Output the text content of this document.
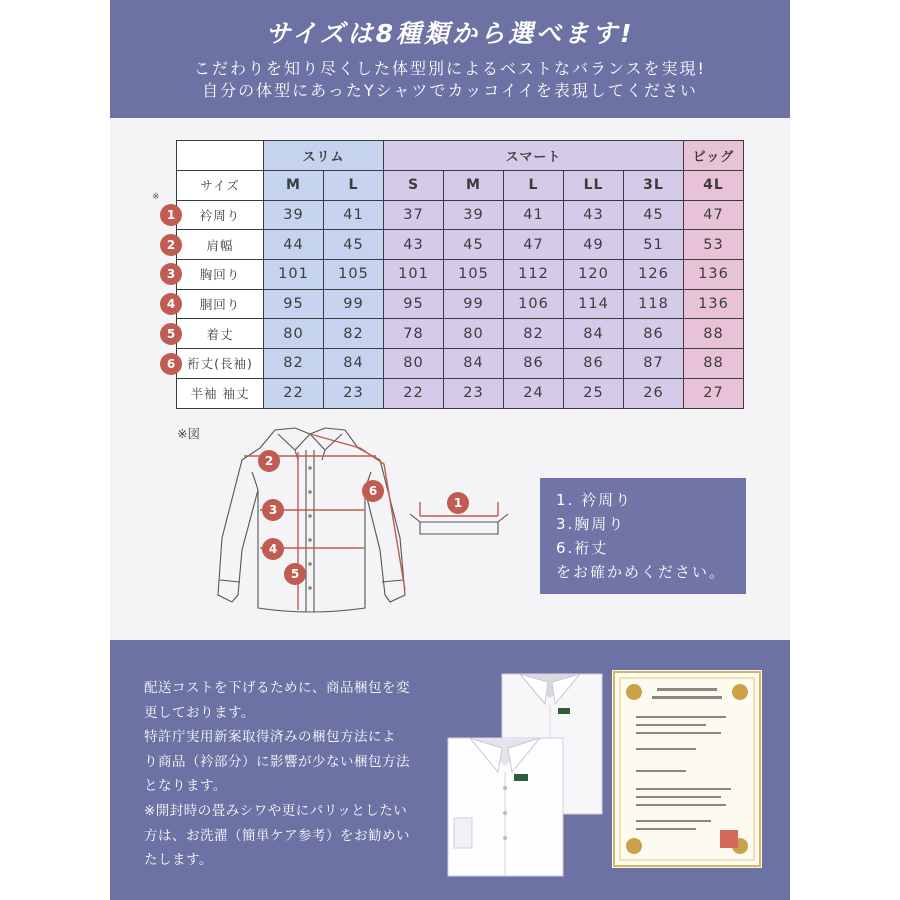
サイズは8種類から選べます!
こだわりを知り尽くした体型別によるベストなバランスを実現!
自分の体型にあったYシャツでカッコイイを表現してください
※
	スリム		スマート					ビッグ
サイズ	M	L	S	M	L	LL	3L	4L
衿周り	39	41	37	39	41	43	45	47
肩幅	44	45	43	45	47	49	51	53
胸回り	101	105	101	105	112	120	126	136
胴回り	95	99	95	99	106	114	118	136
着丈	80	82	78	80	82	84	86	88
裄丈(長袖)	82	84	80	84	86	86	87	88
半袖 袖丈	22	23	22	23	24	25	26	27
1
2
3
4
5
6
※図
2
3
4
5
6
1	1. 衿周り
3.胸周り
6.裄丈
をお確かめください。
配送コストを下げるために、商品梱包を変
更しております。
特許庁実用新案取得済みの梱包方法によ
り商品（衿部分）に影響が少ない梱包方法
となります。
※開封時の畳みシワや更にパリッとしたい
方は、お洗濯（簡単ケア参考）をお勧めい
たします。
